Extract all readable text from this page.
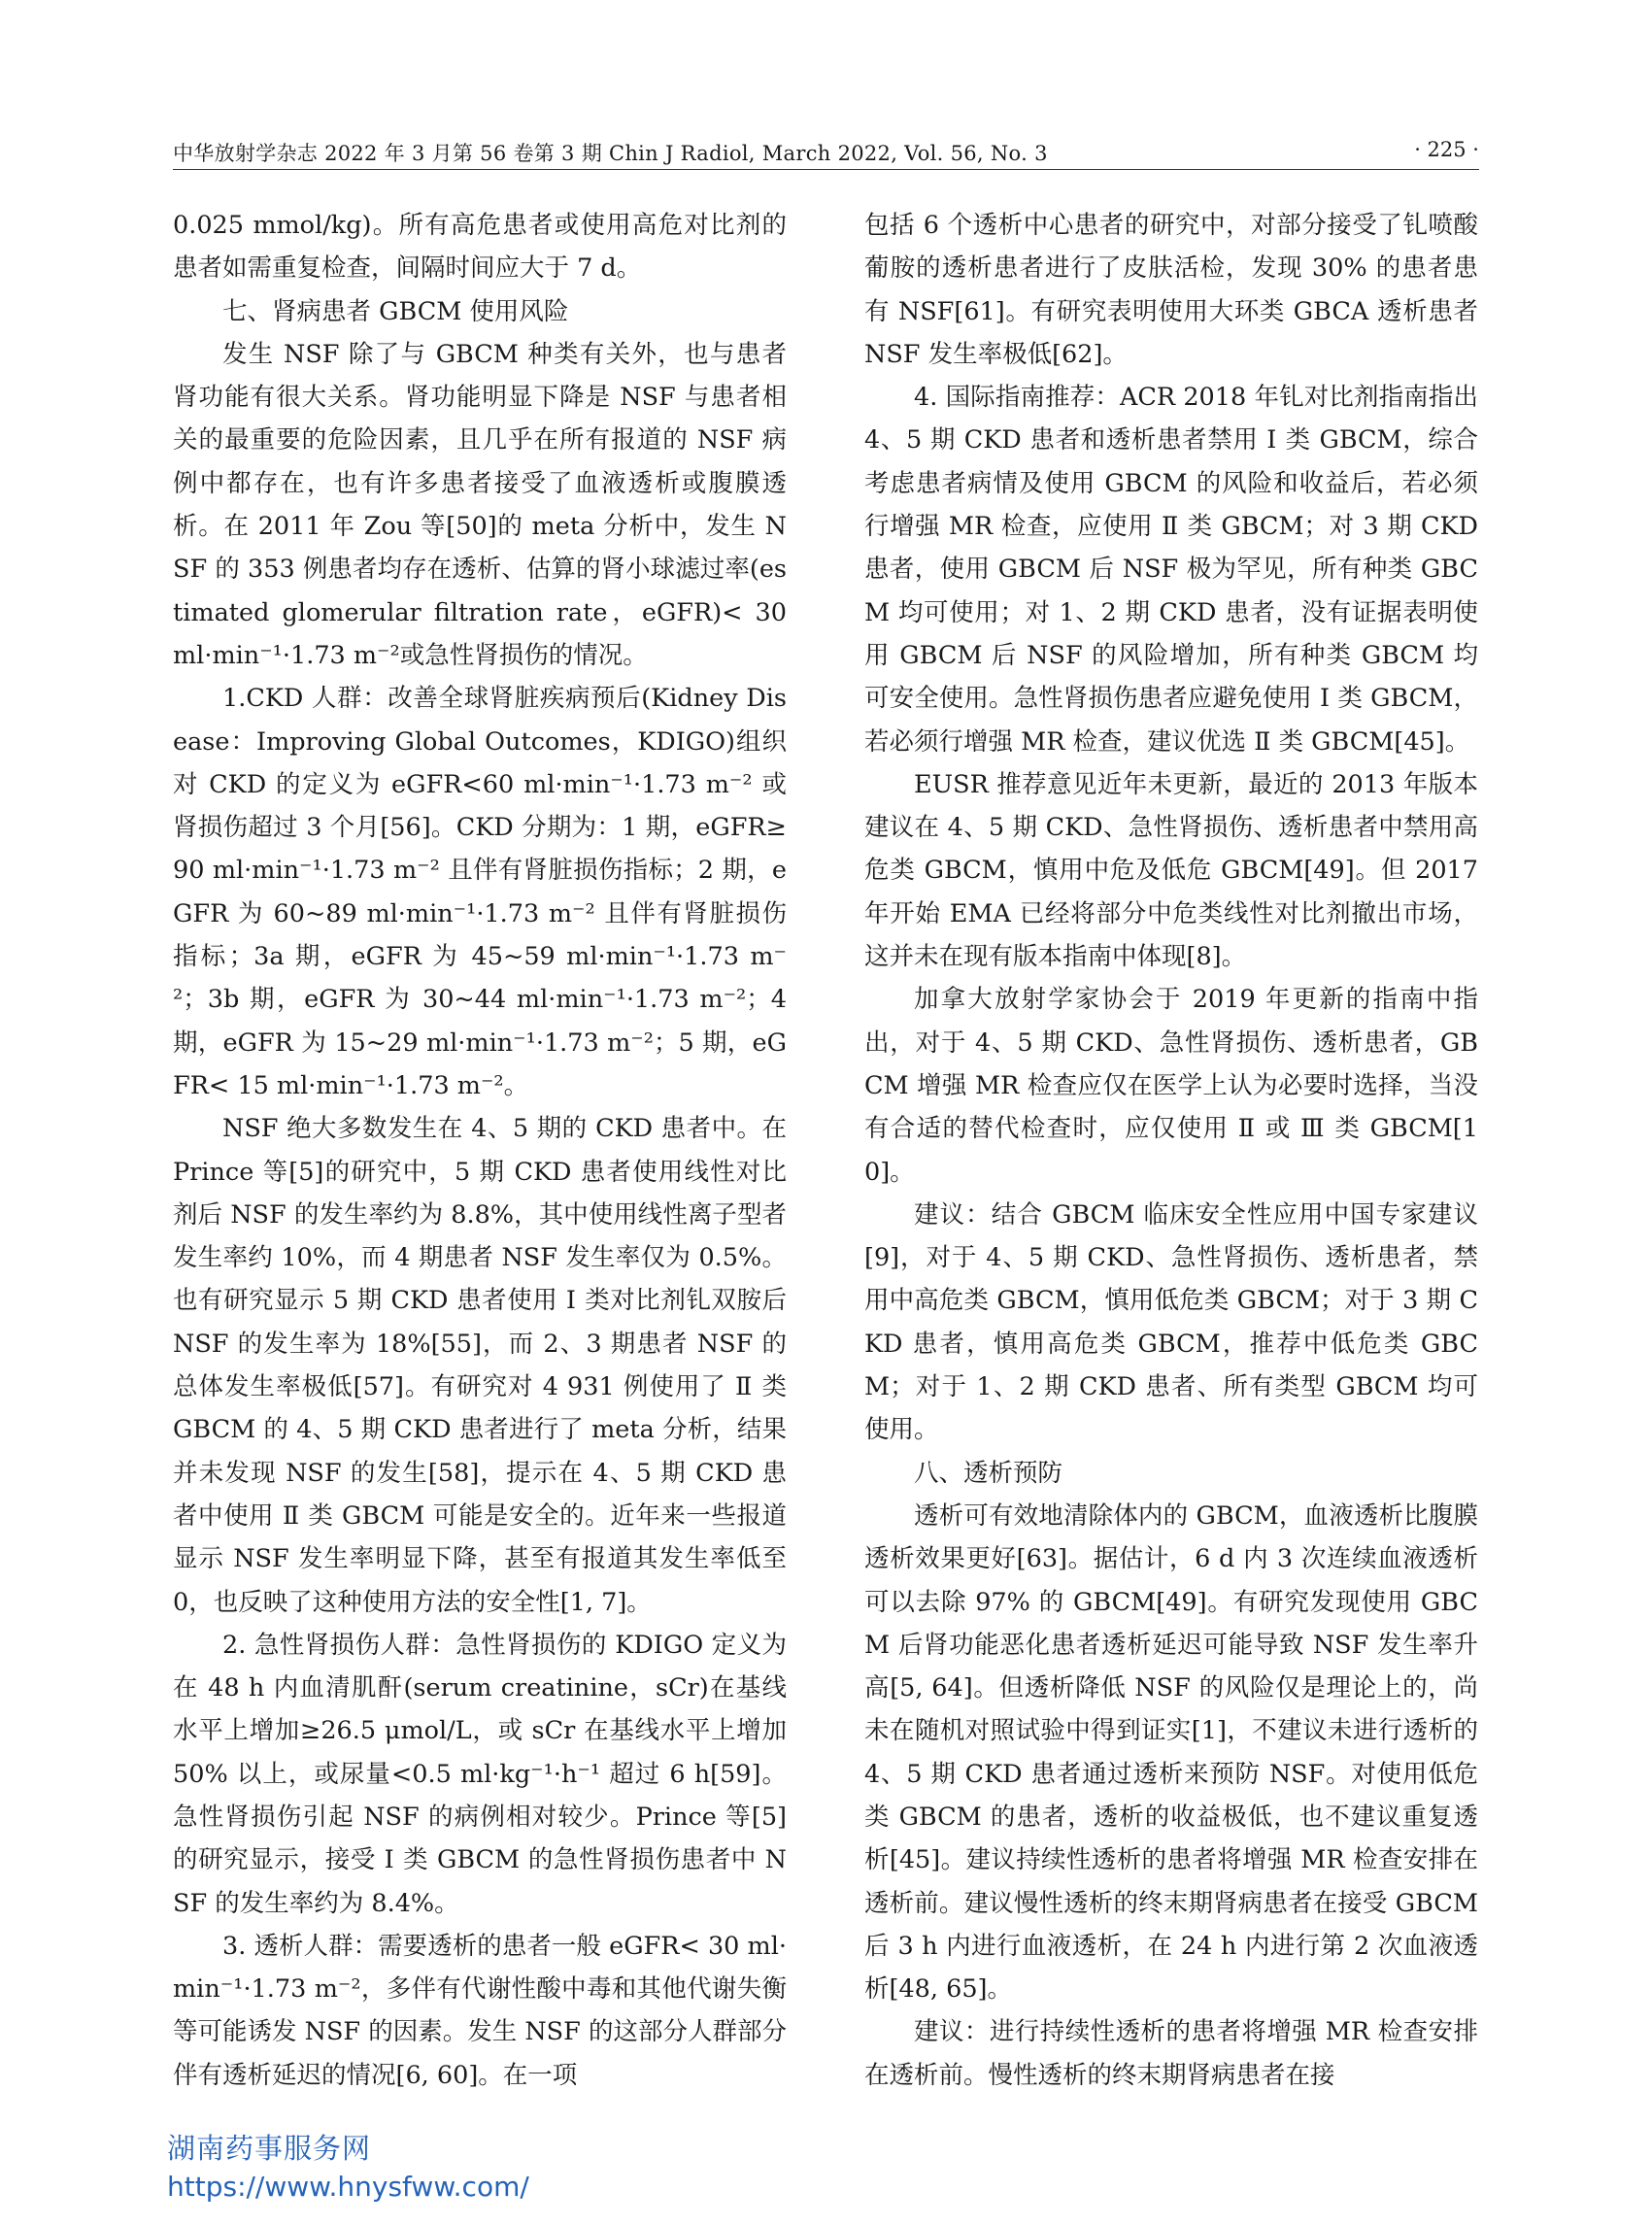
中华放射学杂志 2022 年 3 月第 56 卷第 3 期 Chin J Radiol, March 2022, Vol. 56, No. 3	· 225 ·

0.025 mmol/kg)。所有高危患者或使用高危对比剂的患者如需重复检查，间隔时间应大于 7 d。

七、肾病患者 GBCM 使用风险

发生 NSF 除了与 GBCM 种类有关外，也与患者肾功能有很大关系。肾功能明显下降是 NSF 与患者相关的最重要的危险因素，且几乎在所有报道的 NSF 病例中都存在，也有许多患者接受了血液透析或腹膜透析。在 2011 年 Zou 等[50]的 meta 分析中，发生 NSF 的 353 例患者均存在透析、估算的肾小球滤过率(estimated glomerular filtration rate，eGFR)< 30 ml·min⁻¹·1.73 m⁻²或急性肾损伤的情况。

1.CKD 人群：改善全球肾脏疾病预后(Kidney Disease：Improving Global Outcomes，KDIGO)组织对 CKD 的定义为 eGFR<60 ml·min⁻¹·1.73 m⁻² 或肾损伤超过 3 个月[56]。CKD 分期为：1 期，eGFR≥ 90 ml·min⁻¹·1.73 m⁻² 且伴有肾脏损伤指标；2 期，eGFR 为 60~89 ml·min⁻¹·1.73 m⁻² 且伴有肾脏损伤指标；3a 期，eGFR 为 45~59 ml·min⁻¹·1.73 m⁻²；3b 期，eGFR 为 30~44 ml·min⁻¹·1.73 m⁻²；4 期，eGFR 为 15~29 ml·min⁻¹·1.73 m⁻²；5 期，eGFR< 15 ml·min⁻¹·1.73 m⁻²。

NSF 绝大多数发生在 4、5 期的 CKD 患者中。在 Prince 等[5]的研究中，5 期 CKD 患者使用线性对比剂后 NSF 的发生率约为 8.8%，其中使用线性离子型者发生率约 10%，而 4 期患者 NSF 发生率仅为 0.5%。也有研究显示 5 期 CKD 患者使用 Ⅰ 类对比剂钆双胺后 NSF 的发生率为 18%[55]，而 2、3 期患者 NSF 的总体发生率极低[57]。有研究对 4 931 例使用了 Ⅱ 类 GBCM 的 4、5 期 CKD 患者进行了 meta 分析，结果并未发现 NSF 的发生[58]，提示在 4、5 期 CKD 患者中使用 Ⅱ 类 GBCM 可能是安全的。近年来一些报道显示 NSF 发生率明显下降，甚至有报道其发生率低至 0，也反映了这种使用方法的安全性[1, 7]。

2. 急性肾损伤人群：急性肾损伤的 KDIGO 定义为在 48 h 内血清肌酐(serum creatinine，sCr)在基线水平上增加≥26.5 μmol/L，或 sCr 在基线水平上增加 50% 以上，或尿量<0.5 ml·kg⁻¹·h⁻¹ 超过 6 h[59]。急性肾损伤引起 NSF 的病例相对较少。Prince 等[5]的研究显示，接受 Ⅰ 类 GBCM 的急性肾损伤患者中 NSF 的发生率约为 8.4%。

3. 透析人群：需要透析的患者一般 eGFR< 30 ml·min⁻¹·1.73 m⁻²，多伴有代谢性酸中毒和其他代谢失衡等可能诱发 NSF 的因素。发生 NSF 的这部分人群部分伴有透析延迟的情况[6, 60]。在一项

包括 6 个透析中心患者的研究中，对部分接受了钆喷酸葡胺的透析患者进行了皮肤活检，发现 30% 的患者患有 NSF[61]。有研究表明使用大环类 GBCA 透析患者 NSF 发生率极低[62]。

4. 国际指南推荐：ACR 2018 年钆对比剂指南指出 4、5 期 CKD 患者和透析患者禁用 Ⅰ 类 GBCM，综合考虑患者病情及使用 GBCM 的风险和收益后，若必须行增强 MR 检查，应使用 Ⅱ 类 GBCM；对 3 期 CKD 患者，使用 GBCM 后 NSF 极为罕见，所有种类 GBCM 均可使用；对 1、2 期 CKD 患者，没有证据表明使用 GBCM 后 NSF 的风险增加，所有种类 GBCM 均可安全使用。急性肾损伤患者应避免使用 Ⅰ 类 GBCM，若必须行增强 MR 检查，建议优选 Ⅱ 类 GBCM[45]。

EUSR 推荐意见近年未更新，最近的 2013 年版本建议在 4、5 期 CKD、急性肾损伤、透析患者中禁用高危类 GBCM，慎用中危及低危 GBCM[49]。但 2017 年开始 EMA 已经将部分中危类线性对比剂撤出市场，这并未在现有版本指南中体现[8]。

加拿大放射学家协会于 2019 年更新的指南中指出，对于 4、5 期 CKD、急性肾损伤、透析患者，GBCM 增强 MR 检查应仅在医学上认为必要时选择，当没有合适的替代检查时，应仅使用 Ⅱ 或 Ⅲ 类 GBCM[10]。

建议：结合 GBCM 临床安全性应用中国专家建议[9]，对于 4、5 期 CKD、急性肾损伤、透析患者，禁用中高危类 GBCM，慎用低危类 GBCM；对于 3 期 CKD 患者，慎用高危类 GBCM，推荐中低危类 GBCM；对于 1、2 期 CKD 患者、所有类型 GBCM 均可使用。

八、透析预防

透析可有效地清除体内的 GBCM，血液透析比腹膜透析效果更好[63]。据估计，6 d 内 3 次连续血液透析可以去除 97% 的 GBCM[49]。有研究发现使用 GBCM 后肾功能恶化患者透析延迟可能导致 NSF 发生率升高[5, 64]。但透析降低 NSF 的风险仅是理论上的，尚未在随机对照试验中得到证实[1]，不建议未进行透析的 4、5 期 CKD 患者通过透析来预防 NSF。对使用低危类 GBCM 的患者，透析的收益极低，也不建议重复透析[45]。建议持续性透析的患者将增强 MR 检查安排在透析前。建议慢性透析的终末期肾病患者在接受 GBCM 后 3 h 内进行血液透析，在 24 h 内进行第 2 次血液透析[48, 65]。

建议：进行持续性透析的患者将增强 MR 检查安排在透析前。慢性透析的终末期肾病患者在接

湖南药事服务网
https://www.hnysfww.com/
